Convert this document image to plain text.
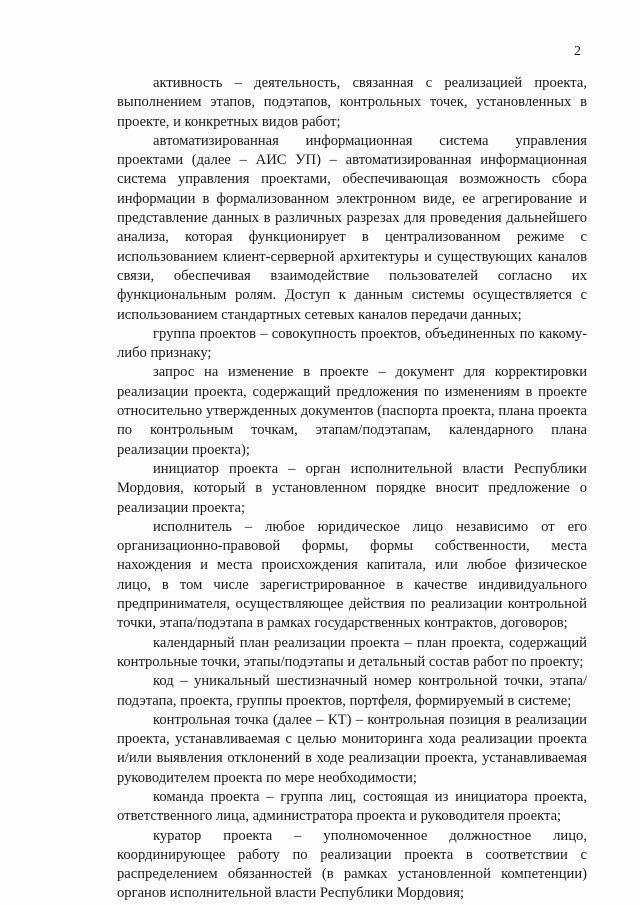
2

активность – деятельность, связанная с реализацией проекта, выполнением этапов, подэтапов, контрольных точек, установленных в проекте, и конкретных видов работ;

автоматизированная информационная система управления проектами (далее – АИС УП) – автоматизированная информационная система управления проектами, обеспечивающая возможность сбора информации в формализованном электронном виде, ее агрегирование и представление данных в различных разрезах для проведения дальнейшего анализа, которая функционирует в централизованном режиме с использованием клиент-серверной архитектуры и существующих каналов связи, обеспечивая взаимодействие пользователей согласно их функциональным ролям. Доступ к данным системы осуществляется с использованием стандартных сетевых каналов передачи данных;

группа проектов – совокупность проектов, объединенных по какому-либо признаку;

запрос на изменение в проекте – документ для корректировки реализации проекта, содержащий предложения по изменениям в проекте относительно утвержденных документов (паспорта проекта, плана проекта по контрольным точкам, этапам/подэтапам, календарного плана реализации проекта);

инициатор проекта – орган исполнительной власти Республики Мордовия, который в установленном порядке вносит предложение о реализации проекта;

исполнитель – любое юридическое лицо независимо от его организационно-правовой формы, формы собственности, места нахождения и места происхождения капитала, или любое физическое лицо, в том числе зарегистрированное в качестве индивидуального предпринимателя, осуществляющее действия по реализации контрольной точки, этапа/подэтапа в рамках государственных контрактов, договоров;

календарный план реализации проекта – план проекта, содержащий контрольные точки, этапы/подэтапы и детальный состав работ по проекту;

код – уникальный шестизначный номер контрольной точки, этапа/подэтапа, проекта, группы проектов, портфеля, формируемый в системе;

контрольная точка (далее – КТ) – контрольная позиция в реализации проекта, устанавливаемая с целью мониторинга хода реализации проекта и/или выявления отклонений в ходе реализации проекта, устанавливаемая руководителем проекта по мере необходимости;

команда проекта – группа лиц, состоящая из инициатора проекта, ответственного лица, администратора проекта и руководителя проекта;

куратор проекта – уполномоченное должностное лицо, координирующее работу по реализации проекта в соответствии с распределением обязанностей (в рамках установленной компетенции) органов исполнительной власти Республики Мордовия;
